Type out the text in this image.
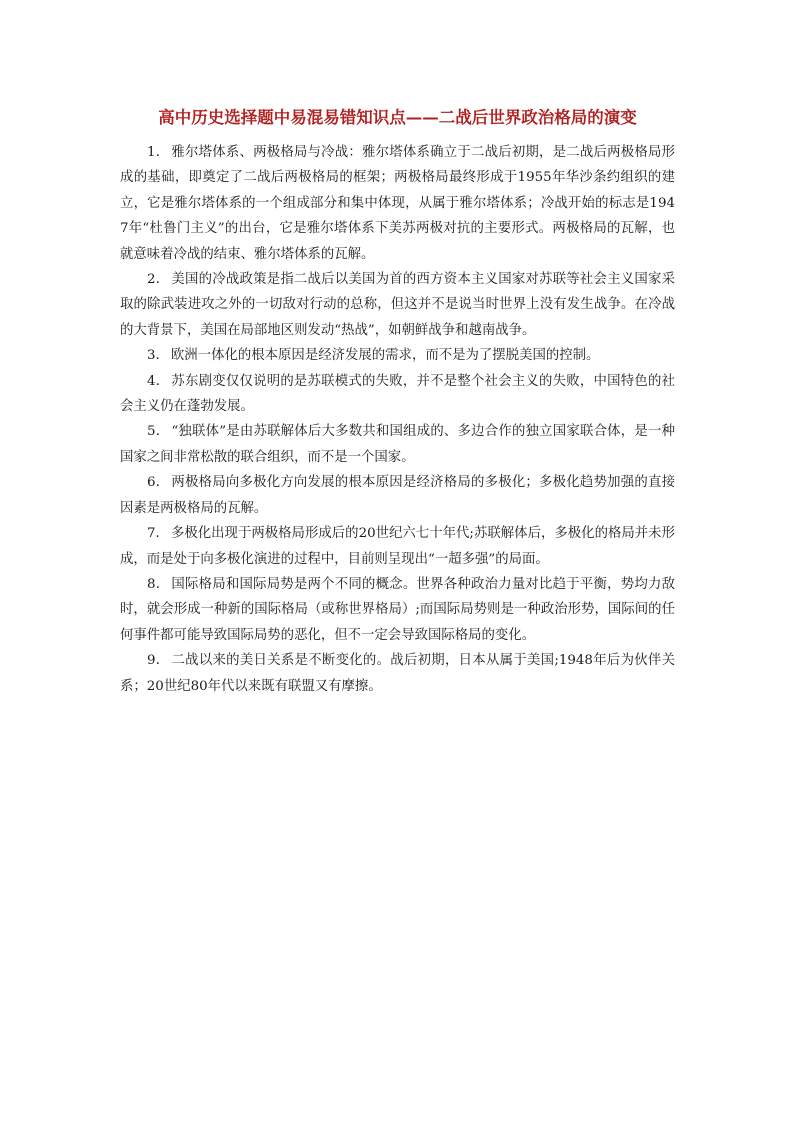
高中历史选择题中易混易错知识点——二战后世界政治格局的演变

1． 雅尔塔体系、两极格局与冷战：雅尔塔体系确立于二战后初期，是二战后两极格局形成的基础，即奠定了二战后两极格局的框架；两极格局最终形成于1955年华沙条约组织的建立，它是雅尔塔体系的一个组成部分和集中体现，从属于雅尔塔体系；冷战开始的标志是1947年“杜鲁门主义”的出台，它是雅尔塔体系下美苏两极对抗的主要形式。两极格局的瓦解，也就意味着冷战的结束、雅尔塔体系的瓦解。

2． 美国的冷战政策是指二战后以美国为首的西方资本主义国家对苏联等社会主义国家采取的除武装进攻之外的一切敌对行动的总称，但这并不是说当时世界上没有发生战争。在冷战的大背景下，美国在局部地区则发动“热战”，如朝鲜战争和越南战争。

3． 欧洲一体化的根本原因是经济发展的需求，而不是为了摆脱美国的控制。

4． 苏东剧变仅仅说明的是苏联模式的失败，并不是整个社会主义的失败，中国特色的社会主义仍在蓬勃发展。

5． “独联体”是由苏联解体后大多数共和国组成的、多边合作的独立国家联合体，是一种国家之间非常松散的联合组织，而不是一个国家。

6． 两极格局向多极化方向发展的根本原因是经济格局的多极化；多极化趋势加强的直接因素是两极格局的瓦解。

7． 多极化出现于两极格局形成后的20世纪六七十年代;苏联解体后，多极化的格局并未形成，而是处于向多极化演进的过程中，目前则呈现出“一超多强”的局面。

8． 国际格局和国际局势是两个不同的概念。世界各种政治力量对比趋于平衡，势均力敌时，就会形成一种新的国际格局（或称世界格局）;而国际局势则是一种政治形势，国际间的任何事件都可能导致国际局势的恶化，但不一定会导致国际格局的变化。

9． 二战以来的美日关系是不断变化的。战后初期，日本从属于美国;1948年后为伙伴关系；20世纪80年代以来既有联盟又有摩擦。
